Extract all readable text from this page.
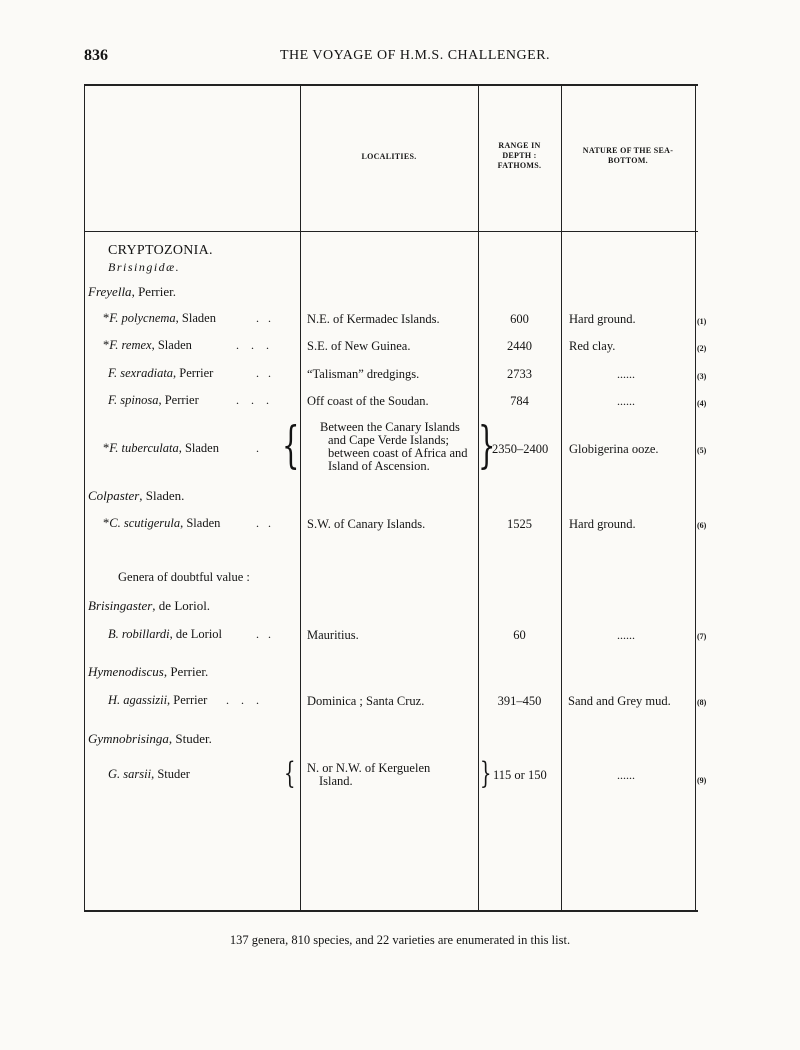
836	THE VOYAGE OF H.M.S. CHALLENGER.
LOCALITIES.
RANGE IN
DEPTH :
FATHOMS.
NATURE OF THE SEA-
BOTTOM.
CRYPTOZONIA.
Brisingidæ.
Freyella, Perrier.
*F. polycnema, Sladen	.   .	N.E. of Kermadec Islands.	600	Hard ground.	(1)
*F. remex, Sladen	.    .    .	S.E. of New Guinea.	2440	Red clay.	(2)
F. sexradiata, Perrier	.   .	“Talisman” dredgings.	2733	......	(3)
F. spinosa, Perrier	.    .    .	Off coast of the Soudan.	784	......	(4)
*F. tuberculata, Sladen	. { Between the Canary Islands
and Cape Verde Islands;
between coast of Africa and
Island of Ascension. }
2350–2400 Globigerina ooze.	(5)
Colpaster, Sladen.
*C. scutigerula, Sladen	.   .	S.W. of Canary Islands.	1525	Hard ground.	(6)
Genera of doubtful value :
Brisingaster, de Loriol.
B. robillardi, de Loriol	.   .	Mauritius.	60	......	(7)
Hymenodiscus, Perrier.
H. agassizii, Perrier .    .    .	Dominica ; Santa Cruz.	391–450	Sand and Grey mud.	(8)
Gymnobrisinga, Studer.
G. sarsii, Studer	{ N. or N.W. of Kerguelen
Island.	} 115 or 150	......	(9)
137 genera, 810 species, and 22 varieties are enumerated in this list.
